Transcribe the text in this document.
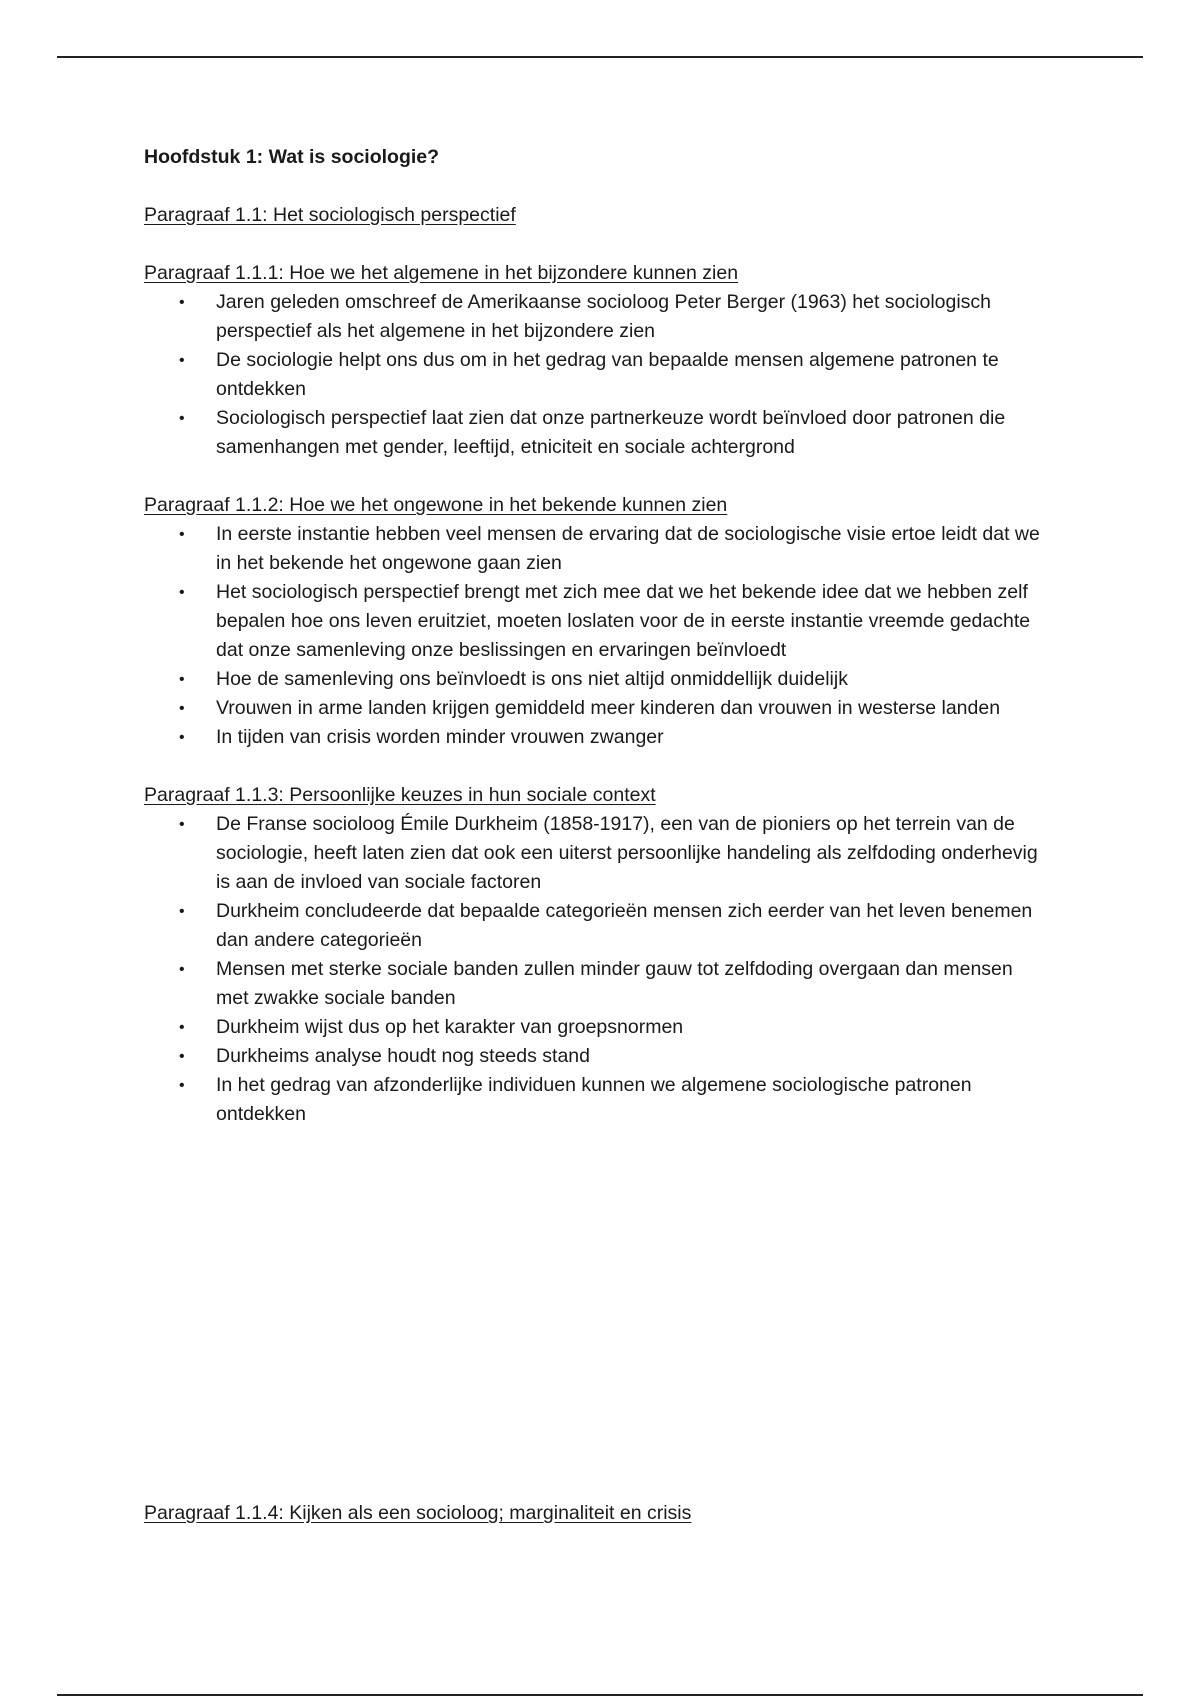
Hoofdstuk 1: Wat is sociologie?

Paragraaf 1.1: Het sociologisch perspectief

Paragraaf 1.1.1: Hoe we het algemene in het bijzondere kunnen zien

• Jaren geleden omschreef de Amerikaanse socioloog Peter Berger (1963) het sociologisch perspectief als het algemene in het bijzondere zien
• De sociologie helpt ons dus om in het gedrag van bepaalde mensen algemene patronen te ontdekken
• Sociologisch perspectief laat zien dat onze partnerkeuze wordt beïnvloed door patronen die samenhangen met gender, leeftijd, etniciteit en sociale achtergrond

Paragraaf 1.1.2: Hoe we het ongewone in het bekende kunnen zien

• In eerste instantie hebben veel mensen de ervaring dat de sociologische visie ertoe leidt dat we in het bekende het ongewone gaan zien
• Het sociologisch perspectief brengt met zich mee dat we het bekende idee dat we hebben zelf bepalen hoe ons leven eruitziet, moeten loslaten voor de in eerste instantie vreemde gedachte dat onze samenleving onze beslissingen en ervaringen beïnvloedt
• Hoe de samenleving ons beïnvloedt is ons niet altijd onmiddellijk duidelijk
• Vrouwen in arme landen krijgen gemiddeld meer kinderen dan vrouwen in westerse landen
• In tijden van crisis worden minder vrouwen zwanger

Paragraaf 1.1.3: Persoonlijke keuzes in hun sociale context

• De Franse socioloog Émile Durkheim (1858-1917), een van de pioniers op het terrein van de sociologie, heeft laten zien dat ook een uiterst persoonlijke handeling als zelfdoding onderhevig is aan de invloed van sociale factoren
• Durkheim concludeerde dat bepaalde categorieën mensen zich eerder van het leven benemen dan andere categorieën
• Mensen met sterke sociale banden zullen minder gauw tot zelfdoding overgaan dan mensen met zwakke sociale banden
• Durkheim wijst dus op het karakter van groepsnormen
• Durkheims analyse houdt nog steeds stand
• In het gedrag van afzonderlijke individuen kunnen we algemene sociologische patronen ontdekken

Paragraaf 1.1.4: Kijken als een socioloog; marginaliteit en crisis
